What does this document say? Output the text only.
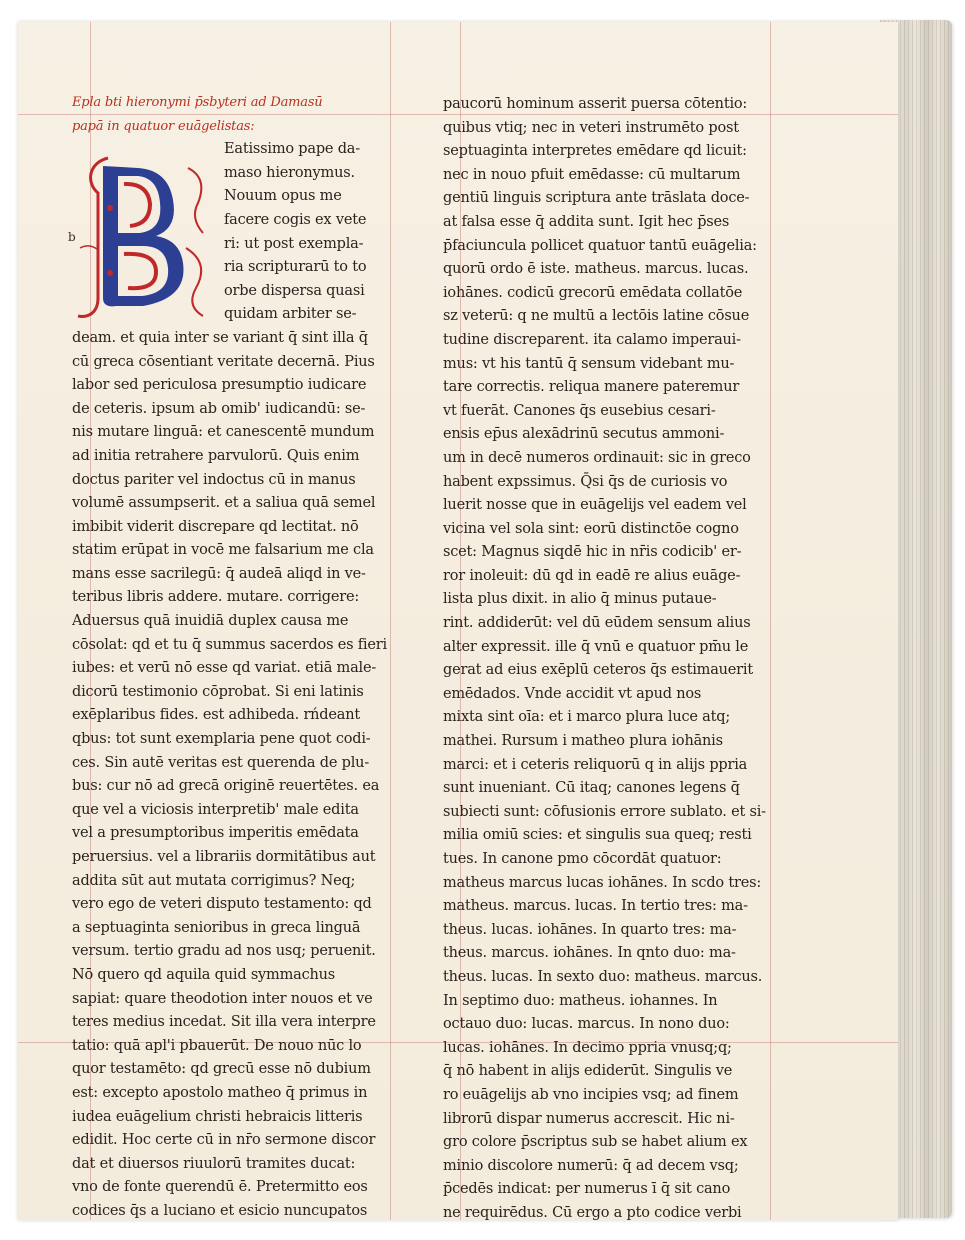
b
Epla bti hieronymi p̄sbyteri ad Damasū
papā in quatuor euāgelistas:
Eatissimo pape da-
maso hieronymus.
Nouum opus me
facere cogis ex vete
ri: ut post exempla-
ria scripturarū to to
orbe dispersa quasi
quidam arbiter se-
deam. et quia inter se variant q̄ sint illa q̄
cū greca cōsentiant veritate decernā. Pius
labor sed periculosa presumptio iudicare
de ceteris. ipsum ab omib' iudicandū: se-
nis mutare linguā: et canescentē mundum
ad initia retrahere parvulorū. Quis enim
doctus pariter vel indoctus cū in manus
volumē assumpserit. et a saliua quā semel
imbibit viderit discrepare qd lectitat. nō
statim erūpat in vocē me falsarium me cla
mans esse sacrilegū: q̄ audeā aliqd in ve-
teribus libris addere. mutare. corrigere:
Aduersus quā inuidiā duplex causa me
cōsolat: qd et tu q̄ summus sacerdos es fieri
iubes: et verū nō esse qd variat. etiā male-
dicorū testimonio cōprobat. Si eni latinis
exēplaribus fides. est adhibeda. rńdeant
qbus: tot sunt exemplaria pene quot codi-
ces. Sin autē veritas est querenda de plu-
bus: cur nō ad grecā originē reuertētes. ea
que vel a viciosis interpretib' male edita
vel a presumptoribus imperitis emēdata
peruersius. vel a librariis dormitātibus aut
addita sūt aut mutata corrigimus? Neq;
vero ego de veteri disputo testamento: qd
a septuaginta senioribus in greca linguā
versum. tertio gradu ad nos usq; peruenit.
Nō quero qd aquila quid symmachus
sapiat: quare theodotion inter nouos et ve
teres medius incedat. Sit illa vera interpre
tatio: quā apl'i pbauerūt. De nouo nūc lo
quor testamēto: qd grecū esse nō dubium
est: excepto apostolo matheo q̄ primus in
iudea euāgelium christi hebraicis litteris
edidit. Hoc certe cū in nr̄o sermone discor
dat et diuersos riuulorū tramites ducat:
vno de fonte querendū ē. Pretermitto eos
codices q̄s a luciano et esicio nuncupatos
paucorū hominum asserit puersa cōtentio:
quibus vtiq; nec in veteri instrumēto post
septuaginta interpretes emēdare qd licuit:
nec in nouo pfuit emēdasse: cū multarum
gentiū linguis scriptura ante trāslata doce-
at falsa esse q̄ addita sunt. Igit hec p̄ses
p̄faciuncula pollicet quatuor tantū euāgelia:
quorū ordo ē iste. matheus. marcus. lucas.
iohānes. codicū grecorū emēdata collatōe
sz veterū: q ne multū a lectōis latine cōsue
tudine discreparent. ita calamo imperaui-
mus: vt his tantū q̄ sensum videbant mu-
tare correctis. reliqua manere pateremur
vt fuerāt. Canones q̄s eusebius cesari-
ensis ep̄us alexādrinū secutus ammoni-
um in decē numeros ordinauit: sic in greco
habent expssimus. Q̄si q̄s de curiosis vo
luerit nosse que in euāgelijs vel eadem vel
vicina vel sola sint: eorū distinctōe cogno
scet: Magnus siqdē hic in nr̄is codicib' er-
ror inoleuit: dū qd in eadē re alius euāge-
lista plus dixit. in alio q̄ minus putaue-
rint. addiderūt: vel dū eūdem sensum alius
alter expressit. ille q̄ vnū e quatuor pm̄u le
gerat ad eius exēplū ceteros q̄s estimauerit
emēdados. Vnde accidit vt apud nos
mixta sint oīa: et i marco plura luce atq;
mathei. Rursum i matheo plura iohānis
marci: et i ceteris reliquorū q in alijs ppria
sunt inueniant. Cū itaq; canones legens q̄
subiecti sunt: cōfusionis errore sublato. et si-
milia omiū scies: et singulis sua queq; resti
tues. In canone pmo cōcordāt quatuor:
matheus marcus lucas iohānes. In scdo tres:
matheus. marcus. lucas. In tertio tres: ma-
theus. lucas. iohānes. In quarto tres: ma-
theus. marcus. iohānes. In qnto duo: ma-
theus. lucas. In sexto duo: matheus. marcus.
In septimo duo: matheus. iohannes. In
octauo duo: lucas. marcus. In nono duo:
lucas. iohānes. In decimo ppria vnusq;q;
q̄ nō habent in alijs ediderūt. Singulis ve
ro euāgelijs ab vno incipies vsq; ad finem
librorū dispar numerus accrescit. Hic ni-
gro colore p̄scriptus sub se habet alium ex
minio discolore numerū: q̄ ad decem vsq;
p̄cedēs indicat: per numerus ī q̄ sit cano
ne requirēdus. Cū ergo a pto codice verbi
